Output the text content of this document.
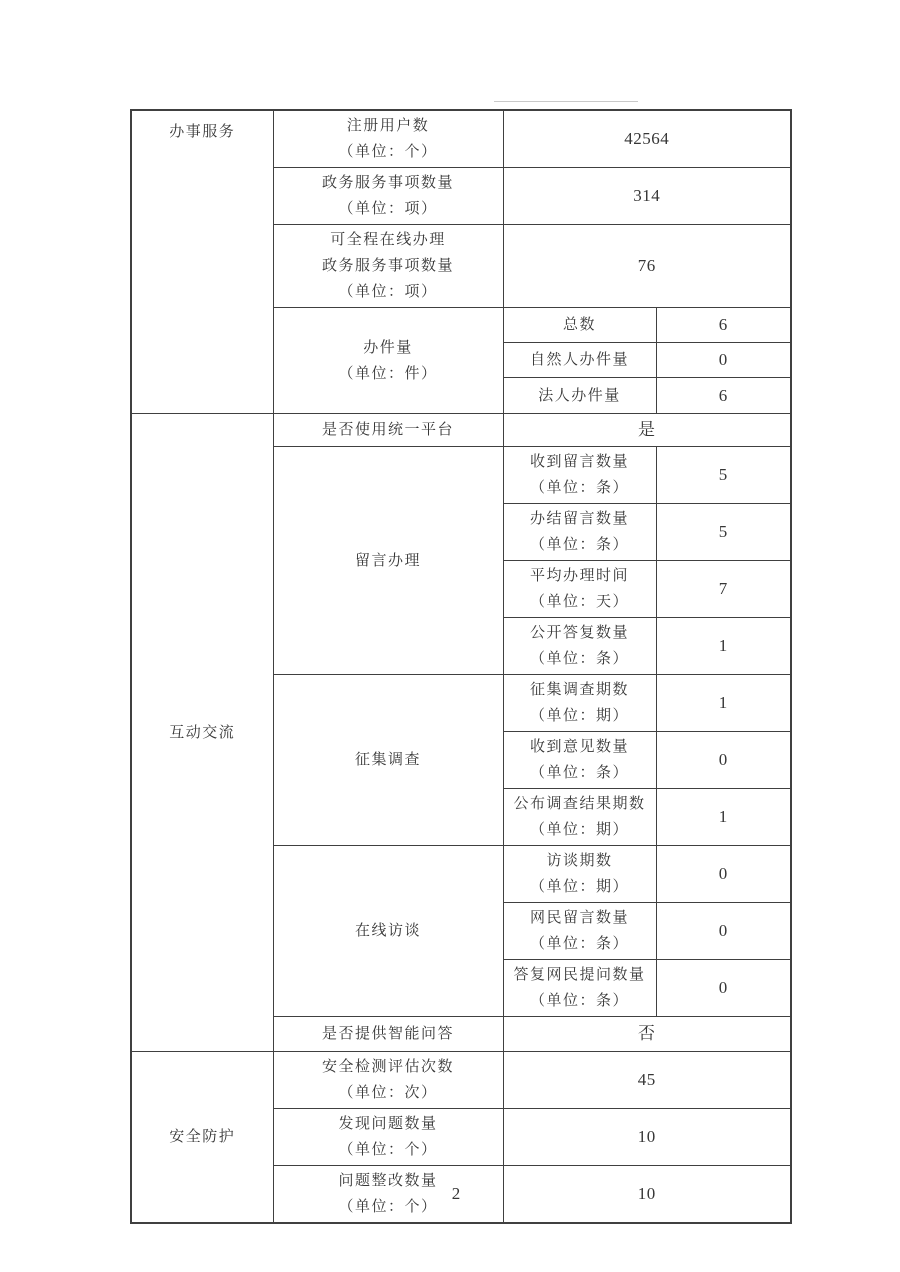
办事服务	注册用户数
（单位：个）	42564	

	政务服务事项数量
（单位：项）	314	

	可全程在线办理
政务服务事项数量
（单位：项）	76	

	办件量
（单位：件）	总数	6
		自然人办件量	0
		法人办件量	6

互动交流	是否使用统一平台	是	
	留言办理	收到留言数量
（单位：条）	5

		办结留言数量
（单位：条）	5

		平均办理时间
（单位：天）	7

		公开答复数量
（单位：条）	1
	征集调查	征集调查期数
（单位：期）	1

		收到意见数量
（单位：条）	0

		公布调查结果期数
（单位：期）	1
	在线访谈	访谈期数
（单位：期）	0

		网民留言数量
（单位：条）	0

		答复网民提问数量
（单位：条）	0
	是否提供智能问答	否	

安全防护	安全检测评估次数
（单位：次）	45	

	发现问题数量
（单位：个）	10	

	问题整改数量
（单位：个）	10	
2
